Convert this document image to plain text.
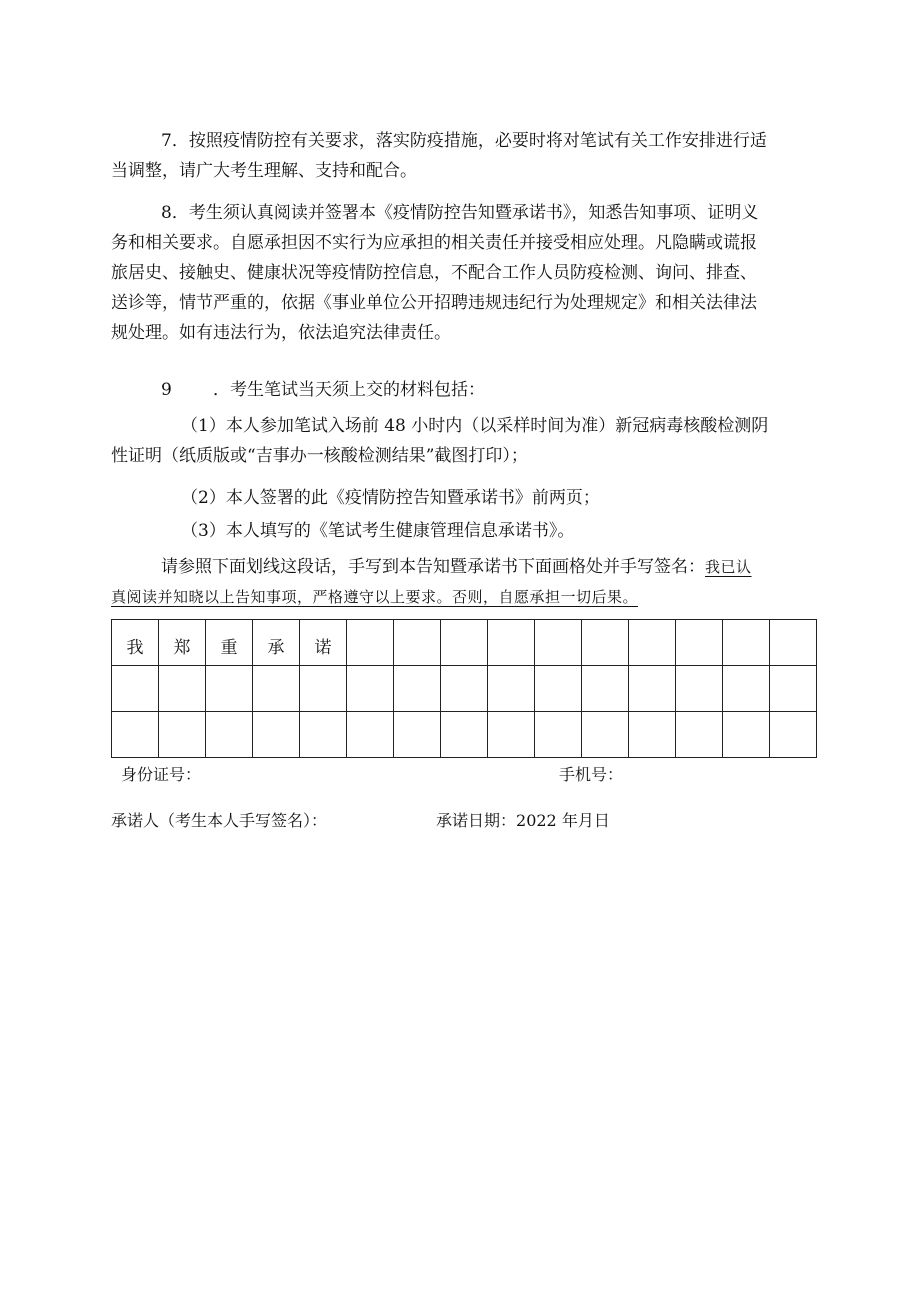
7．按照疫情防控有关要求，落实防疫措施，必要时将对笔试有关工作安排进行适
当调整，请广大考生理解、支持和配合。

8．考生须认真阅读并签署本《疫情防控告知暨承诺书》，知悉告知事项、证明义
务和相关要求。自愿承担因不实行为应承担的相关责任并接受相应处理。凡隐瞒或谎报
旅居史、接触史、健康状况等疫情防控信息，不配合工作人员防疫检测、询问、排查、
送诊等，情节严重的，依据《事业单位公开招聘违规违纪行为处理规定》和相关法律法
规处理。如有违法行为，依法追究法律责任。

9 ．考生笔试当天须上交的材料包括：

（1）本人参加笔试入场前 48 小时内（以采样时间为准）新冠病毒核酸检测阴
性证明（纸质版或“吉事办一核酸检测结果”截图打印）；

（2）本人签署的此《疫情防控告知暨承诺书》前两页；

（3）本人填写的《笔试考生健康管理信息承诺书》。

请参照下面划线这段话，手写到本告知暨承诺书下面画格处并手写签名：我已认
真阅读并知晓以上告知事项，严格遵守以上要求。否则，自愿承担一切后果。

我	郑	重	承	诺										

身份证号：	手机号：
承诺人（考生本人手写签名）：	承诺日期：2022 年月日
